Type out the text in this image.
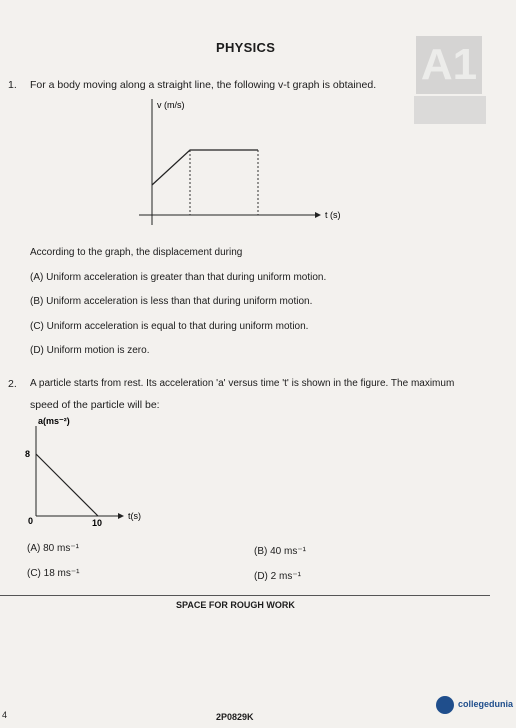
A1
PHYSICS
1. For a body moving along a straight line, the following v-t graph is obtained.
v (m/s)
t (s)
According to the graph, the displacement during
(A) Uniform acceleration is greater than that during uniform motion.
(B) Uniform acceleration is less than that during uniform motion.
(C) Uniform acceleration is equal to that during uniform motion.
(D) Uniform motion is zero.
2. A particle starts from rest. Its acceleration 'a' versus time 't' is shown in the figure. The maximum
speed of the particle will be:
a(ms⁻²)
t(s)
8
10
0
(A) 80 ms⁻¹	(B) 40 ms⁻¹
(C) 18 ms⁻¹	(D) 2 ms⁻¹
SPACE FOR ROUGH WORK
4	2P0829K
collegedunia
